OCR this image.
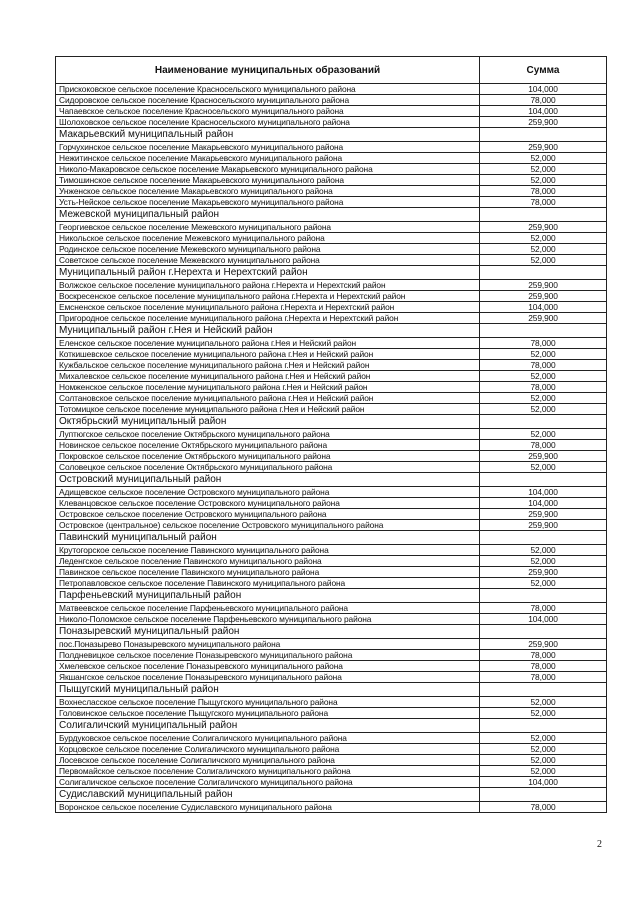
Наименование муниципальных образований	Сумма
Прискоковское сельское поселение Красносельского муниципального района	104,000
Сидоровское сельское поселение Красносельского муниципального района	78,000
Чапаевское сельское поселение Красносельского муниципального района	104,000
Шолоховское сельское поселение Красносельского муниципального района	259,900
Макарьевский муниципальный район	
Горчухинское сельское поселение Макарьевского муниципального района	259,900
Нежитинское сельское поселение Макарьевского муниципального района	52,000
Николо-Макаровское сельское поселение Макарьевского муниципального района	52,000
Тимошинское сельское поселение Макарьевского муниципального района	52,000
Унженское сельское поселение Макарьевского муниципального района	78,000
Усть-Нейское сельское поселение Макарьевского муниципального района	78,000
Межевской муниципальный район	
Георгиевское сельское поселение Межевского муниципального района	259,900
Никольское сельское поселение Межевского муниципального района	52,000
Родинское сельское поселение Межевского муниципального района	52,000
Советское сельское поселение Межевского муниципального района	52,000
Муниципальный район г.Нерехта и Нерехтский район	
Волжское сельское поселение муниципального района г.Нерехта и Нерехтский район	259,900
Воскресенское сельское поселение муниципального района г.Нерехта и Нерехтский район	259,900
Емсненское сельское поселение муниципального района г.Нерехта и Нерехтский район	104,000
Пригородное сельское поселение муниципального района г.Нерехта и Нерехтский район	259,900
Муниципальный район г.Нея и Нейский район	
Еленское сельское поселение муниципального района г.Нея и Нейский район	78,000
Коткишевское сельское поселение муниципального района г.Нея и Нейский район	52,000
Кужбальское сельское поселение муниципального района г.Нея и Нейский район	78,000
Михалевское сельское поселение муниципального района г.Нея и Нейский район	52,000
Номженское сельское поселение муниципального района г.Нея и Нейский район	78,000
Солтановское сельское поселение муниципального района г.Нея и Нейский район	52,000
Тотомицкое сельское поселение муниципального района г.Нея и Нейский район	52,000
Октябрьский муниципальный район	
Луптюгское сельское поселение Октябрьского муниципального района	52,000
Новинское сельское поселение Октябрьского муниципального района	78,000
Покровское сельское поселение Октябрьского муниципального района	259,900
Соловецкое сельское поселение Октябрьского муниципального района	52,000
Островский муниципальный район	
Адищевское сельское поселение Островского муниципального района	104,000
Клеванцовское сельское поселение Островского муниципального района	104,000
Островское сельское поселение Островского муниципального района	259,900
Островское (центральное) сельское поселение Островского муниципального района	259,900
Павинский муниципальный район	
Крутогорское сельское поселение Павинского муниципального района	52,000
Леденгское сельское поселение Павинского муниципального района	52,000
Павинское сельское поселение Павинского муниципального района	259,900
Петропавловское сельское поселение Павинского муниципального района	52,000
Парфеньевский муниципальный район	
Матвеевское сельское поселение Парфеньевского муниципального района	78,000
Николо-Поломское сельское поселение Парфеньевского муниципального района	104,000
Поназыревский муниципальный район	
пос.Поназырево Поназыревского муниципального района	259,900
Полдневицкое сельское поселение Поназыревского муниципального района	78,000
Хмелевское сельское поселение Поназыревского муниципального района	78,000
Якшангское сельское поселение Поназыревского муниципального района	78,000
Пыщугский муниципальный район	
Вохнесласское сельское поселение Пыщугского муниципального района	52,000
Головинское сельское поселение Пыщугского муниципального района	52,000
Солигаличский муниципальный район	
Бурдуковское сельское поселение Солигаличского муниципального района	52,000
Корцовское сельское поселение Солигаличского муниципального района	52,000
Лосевское сельское поселение Солигаличского муниципального района	52,000
Первомайское сельское поселение Солигаличского муниципального района	52,000
Солигаличское сельское поселение Солигаличского муниципального района	104,000
Судиславский муниципальный район	
Воронское сельское поселение Судиславского муниципального района	78,000
2
